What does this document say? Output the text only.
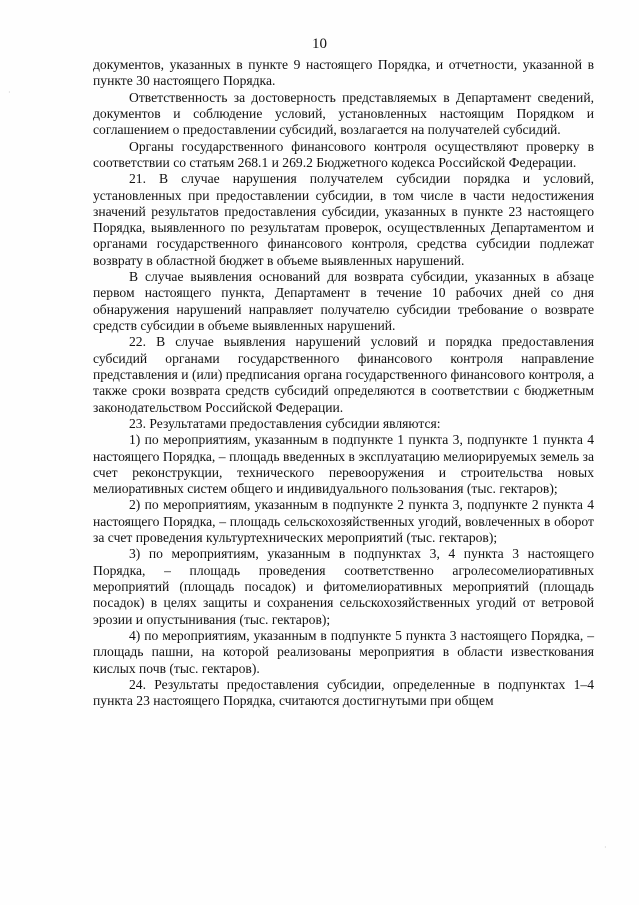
10

документов, указанных в пункте 9 настоящего Порядка, и отчетности, указанной в пункте 30 настоящего Порядка.

Ответственность за достоверность представляемых в Департамент сведений, документов и соблюдение условий, установленных настоящим Порядком и соглашением о предоставлении субсидий, возлагается на получателей субсидий.

Органы государственного финансового контроля осуществляют проверку в соответствии со статьям 268.1 и 269.2 Бюджетного кодекса Российской Федерации.

21. В случае нарушения получателем субсидии порядка и условий, установленных при предоставлении субсидии, в том числе в части недостижения значений результатов предоставления субсидии, указанных в пункте 23 настоящего Порядка, выявленного по результатам проверок, осуществленных Департаментом и органами государственного финансового контроля, средства субсидии подлежат возврату в областной бюджет в объеме выявленных нарушений.

В случае выявления оснований для возврата субсидии, указанных в абзаце первом настоящего пункта, Департамент в течение 10 рабочих дней со дня обнаружения нарушений направляет получателю субсидии требование о возврате средств субсидии в объеме выявленных нарушений.

22. В случае выявления нарушений условий и порядка предоставления субсидий органами государственного финансового контроля направление представления и (или) предписания органа государственного финансового контроля, а также сроки возврата средств субсидий определяются в соответствии с бюджетным законодательством Российской Федерации.

23. Результатами предоставления субсидии являются:

1) по мероприятиям, указанным в подпункте 1 пункта 3, подпункте 1 пункта 4 настоящего Порядка, – площадь введенных в эксплуатацию мелиорируемых земель за счет реконструкции, технического перевооружения и строительства новых мелиоративных систем общего и индивидуального пользования (тыс. гектаров);

2) по мероприятиям, указанным в подпункте 2 пункта 3, подпункте 2 пункта 4 настоящего Порядка, – площадь сельскохозяйственных угодий, вовлеченных в оборот за счет проведения культуртехнических мероприятий (тыс. гектаров);

3) по мероприятиям, указанным в подпунктах 3, 4 пункта 3 настоящего Порядка, – площадь проведения соответственно агролесомелиоративных мероприятий (площадь посадок) и фитомелиоративных мероприятий (площадь посадок) в целях защиты и сохранения сельскохозяйственных угодий от ветровой эрозии и опустынивания (тыс. гектаров);

4) по мероприятиям, указанным в подпункте 5 пункта 3 настоящего Порядка, – площадь пашни, на которой реализованы мероприятия в области известкования кислых почв (тыс. гектаров).

24. Результаты предоставления субсидии, определенные в подпунктах 1–4 пункта 23 настоящего Порядка, считаются достигнутыми при общем

·
·
